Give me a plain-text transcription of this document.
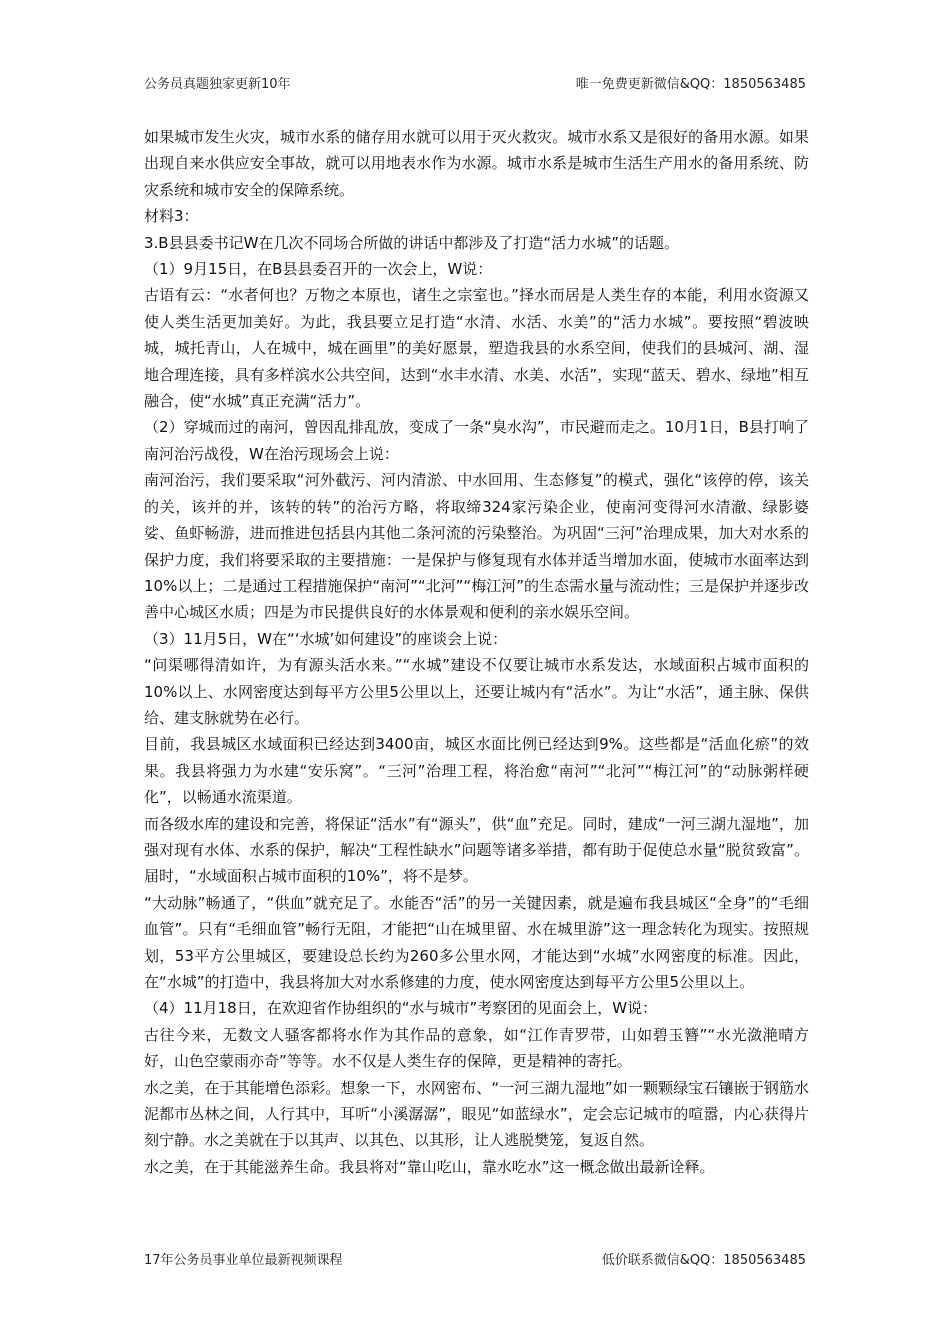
公务员真题独家更新10年	唯一免费更新微信&QQ：1850563485

如果城市发生火灾，城市水系的储存用水就可以用于灭火救灾。城市水系又是很好的备用水源。如果出现自来水供应安全事故，就可以用地表水作为水源。城市水系是城市生活生产用水的备用系统、防灾系统和城市安全的保障系统。

材料3：

3.B县县委书记W在几次不同场合所做的讲话中都涉及了打造“活力水城”的话题。

（1）9月15日，在B县县委召开的一次会上，W说：

古语有云：“水者何也？万物之本原也，诸生之宗室也。”择水而居是人类生存的本能，利用水资源又使人类生活更加美好。为此，我县要立足打造“水清、水活、水美”的“活力水城”。要按照“碧波映城，城托青山，人在城中，城在画里”的美好愿景，塑造我县的水系空间，使我们的县城河、湖、湿地合理连接，具有多样滨水公共空间，达到“水丰水清、水美、水活”，实现“蓝天、碧水、绿地”相互融合，使“水城”真正充满“活力”。

（2）穿城而过的南河，曾因乱排乱放，变成了一条“臭水沟”，市民避而走之。10月1日，B县打响了南河治污战役，W在治污现场会上说：

南河治污，我们要采取“河外截污、河内清淤、中水回用、生态修复”的模式，强化“该停的停，该关的关，该并的并，该转的转”的治污方略，将取缔324家污染企业，使南河变得河水清澈、绿影婆娑、鱼虾畅游，进而推进包括县内其他二条河流的污染整治。为巩固“三河”治理成果，加大对水系的保护力度，我们将要采取的主要措施：一是保护与修复现有水体并适当增加水面，使城市水面率达到10%以上；二是通过工程措施保护“南河”“北河”“梅江河”的生态需水量与流动性；三是保护并逐步改善中心城区水质；四是为市民提供良好的水体景观和便利的亲水娱乐空间。

（3）11月5日，W在“‘水城’如何建设”的座谈会上说：

“问渠哪得清如许，为有源头活水来。”“水城”建设不仅要让城市水系发达，水域面积占城市面积的10%以上、水网密度达到每平方公里5公里以上，还要让城内有“活水”。为让“水活”，通主脉、保供给、建支脉就势在必行。

目前，我县城区水域面积已经达到3400亩，城区水面比例已经达到9%。这些都是“活血化瘀”的效果。我县将强力为水建“安乐窝”。“三河”治理工程，将治愈“南河”“北河”“梅江河”的“动脉粥样硬化”，以畅通水流渠道。

而各级水库的建设和完善，将保证“活水”有“源头”，供“血”充足。同时，建成“一河三湖九湿地”，加强对现有水体、水系的保护，解决“工程性缺水”问题等诸多举措，都有助于促使总水量“脱贫致富”。届时，“水域面积占城市面积的10%”，将不是梦。

“大动脉”畅通了，“供血”就充足了。水能否“活”的另一关键因素，就是遍布我县城区“全身”的“毛细血管”。只有“毛细血管”畅行无阻，才能把“山在城里留、水在城里游”这一理念转化为现实。按照规划，53平方公里城区，要建设总长约为260多公里水网，才能达到“水城”水网密度的标准。因此，在“水城”的打造中，我县将加大对水系修建的力度，使水网密度达到每平方公里5公里以上。

（4）11月18日，在欢迎省作协组织的“水与城市”考察团的见面会上，W说：

古往今来，无数文人骚客都将水作为其作品的意象，如“江作青罗带，山如碧玉簪”“水光潋滟晴方好，山色空蒙雨亦奇”等等。水不仅是人类生存的保障，更是精神的寄托。

水之美，在于其能增色添彩。想象一下，水网密布、“一河三湖九湿地”如一颗颗绿宝石镶嵌于钢筋水泥都市丛林之间，人行其中，耳听“小溪潺潺”，眼见“如蓝绿水”，定会忘记城市的喧嚣，内心获得片刻宁静。水之美就在于以其声、以其色、以其形，让人逃脱樊笼，复返自然。

水之美，在于其能滋养生命。我县将对“靠山吃山，靠水吃水”这一概念做出最新诠释。

17年公务员事业单位最新视频课程	低价联系微信&QQ：1850563485
